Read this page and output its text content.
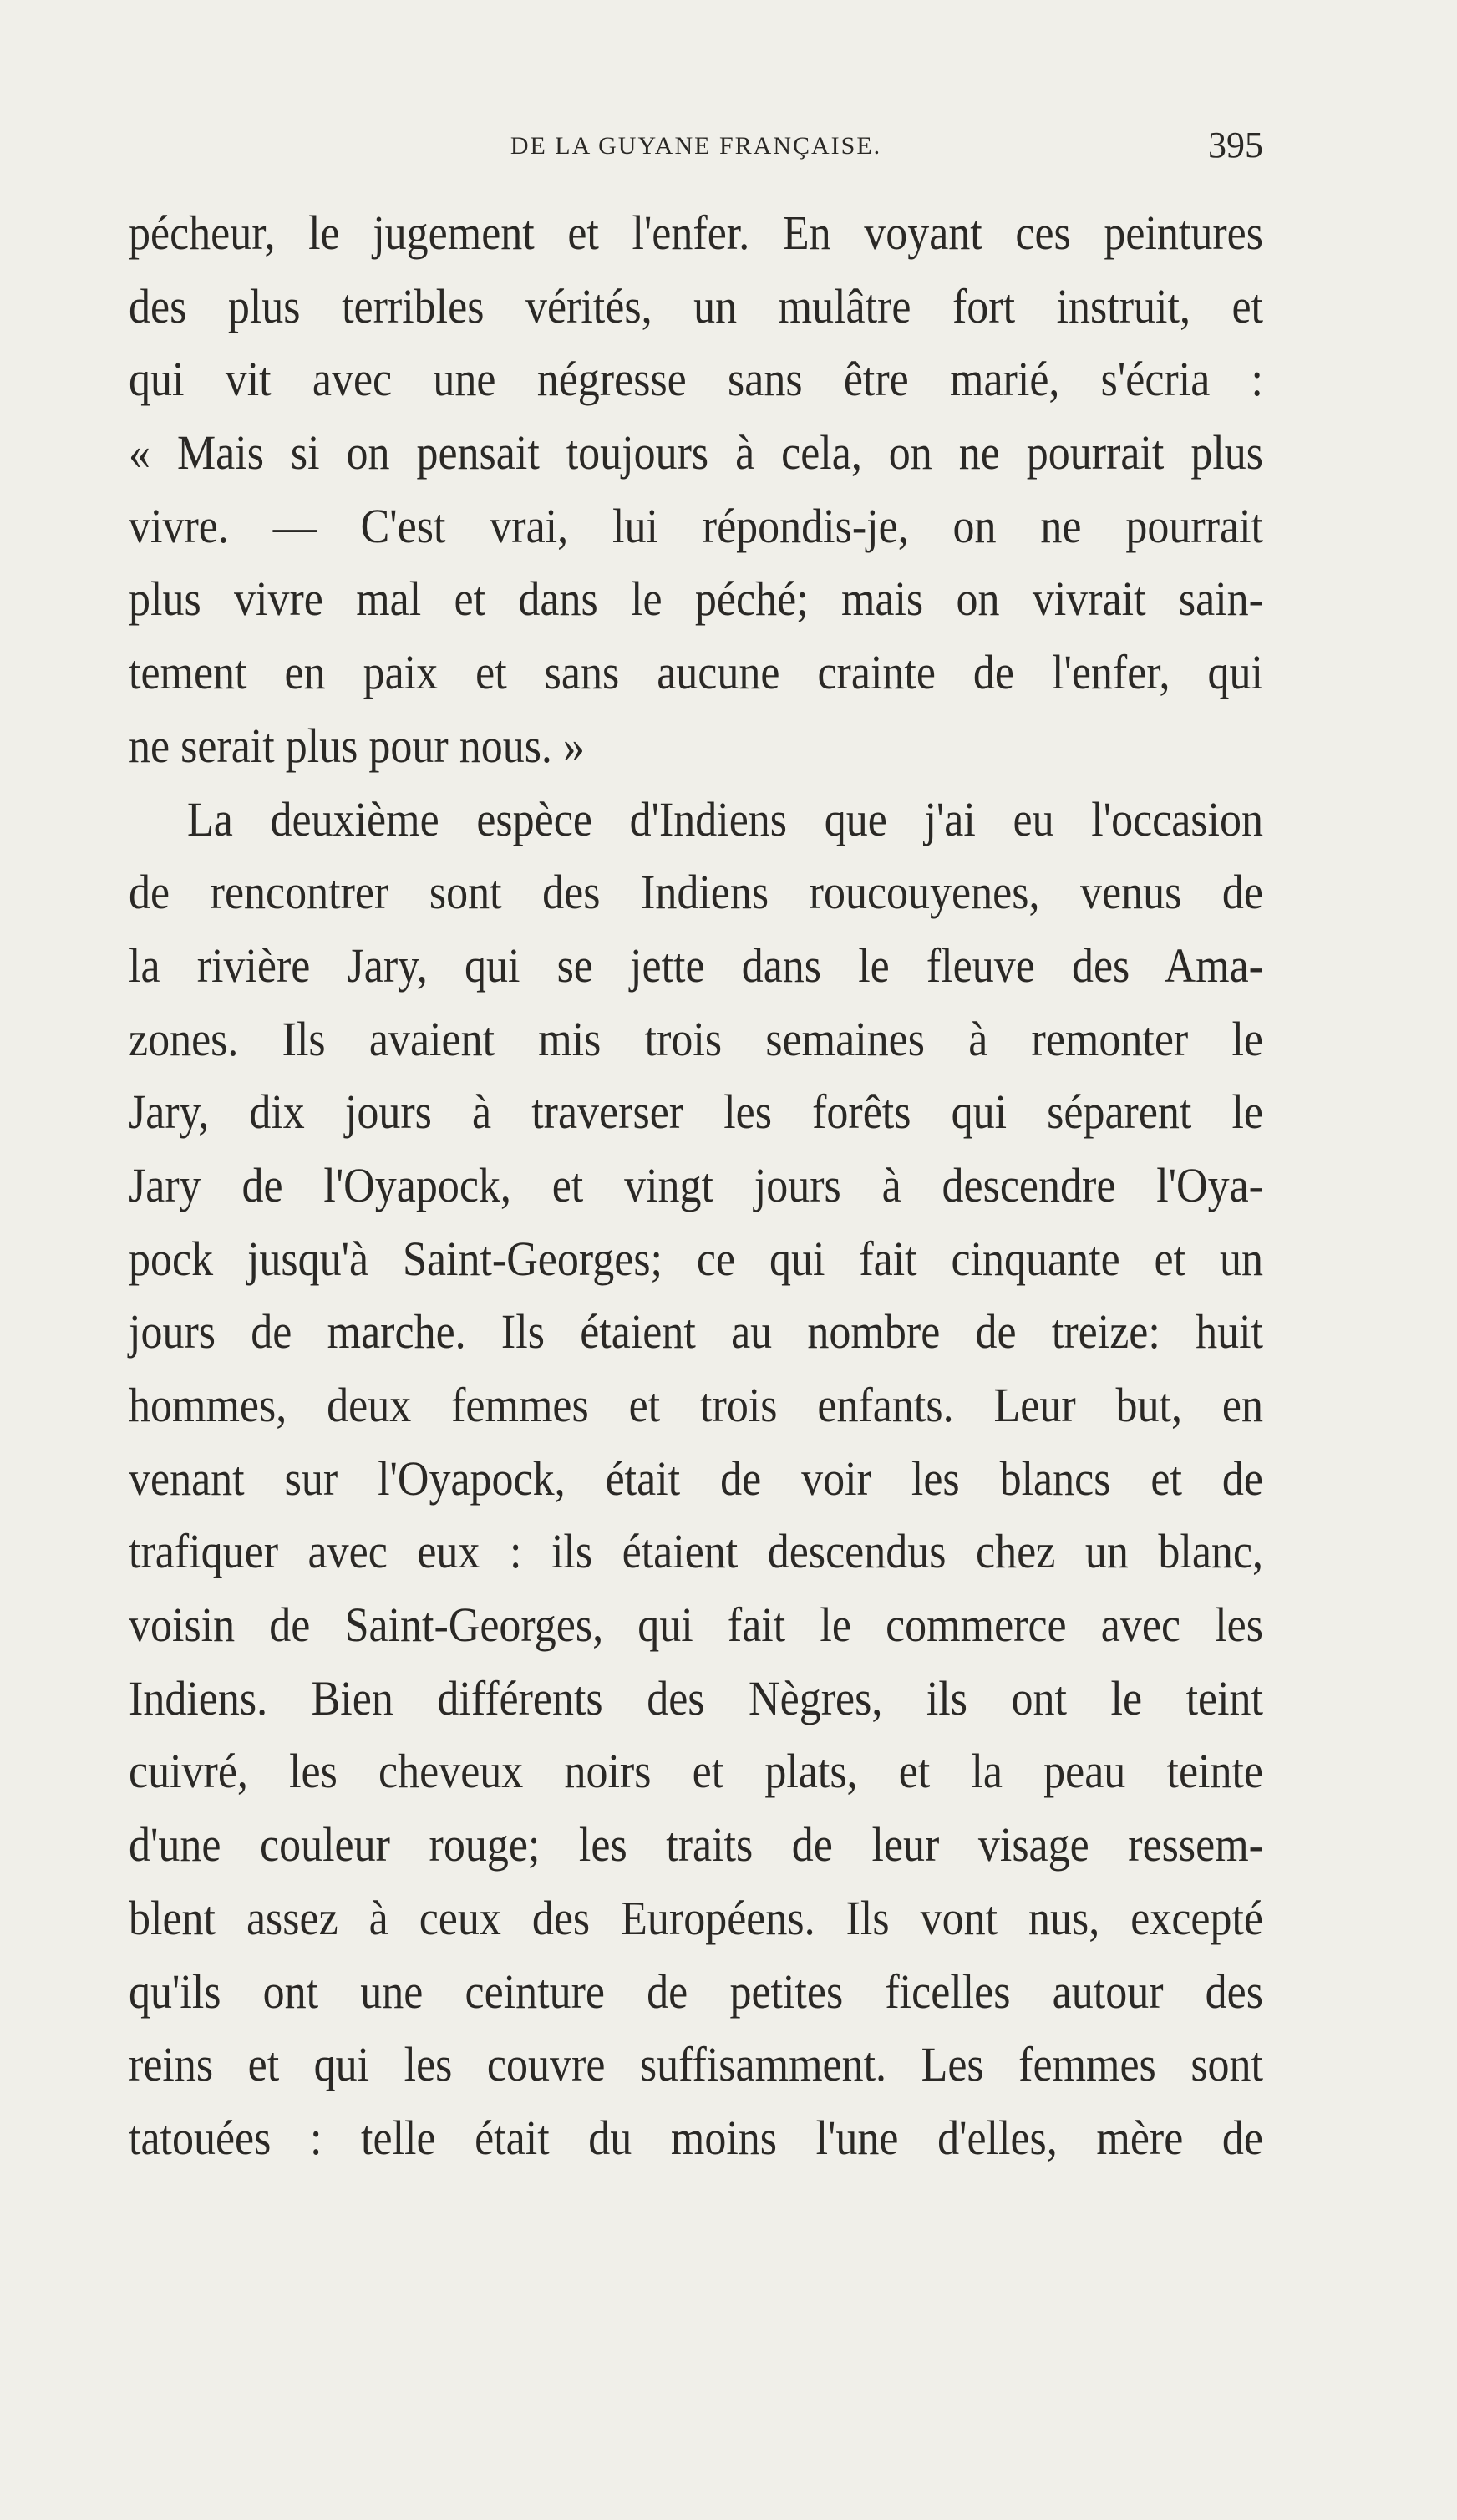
DE LA GUYANE FRANÇAISE.	395
pécheur, le jugement et l'enfer. En voyant ces peintures
des plus terribles vérités, un mulâtre fort instruit, et
qui vit avec une négresse sans être marié, s'écria :
« Mais si on pensait toujours à cela, on ne pourrait plus
vivre. — C'est vrai, lui répondis-je, on ne pourrait
plus vivre mal et dans le péché; mais on vivrait sain-
tement en paix et sans aucune crainte de l'enfer, qui
ne serait plus pour nous. »
La deuxième espèce d'Indiens que j'ai eu l'occasion
de rencontrer sont des Indiens roucouyenes, venus de
la rivière Jary, qui se jette dans le fleuve des Ama-
zones. Ils avaient mis trois semaines à remonter le
Jary, dix jours à traverser les forêts qui séparent le
Jary de l'Oyapock, et vingt jours à descendre l'Oya-
pock jusqu'à Saint-Georges; ce qui fait cinquante et un
jours de marche. Ils étaient au nombre de treize: huit
hommes, deux femmes et trois enfants. Leur but, en
venant sur l'Oyapock, était de voir les blancs et de
trafiquer avec eux : ils étaient descendus chez un blanc,
voisin de Saint-Georges, qui fait le commerce avec les
Indiens. Bien différents des Nègres, ils ont le teint
cuivré, les cheveux noirs et plats, et la peau teinte
d'une couleur rouge; les traits de leur visage ressem-
blent assez à ceux des Européens. Ils vont nus, excepté
qu'ils ont une ceinture de petites ficelles autour des
reins et qui les couvre suffisamment. Les femmes sont
tatouées : telle était du moins l'une d'elles, mère de
